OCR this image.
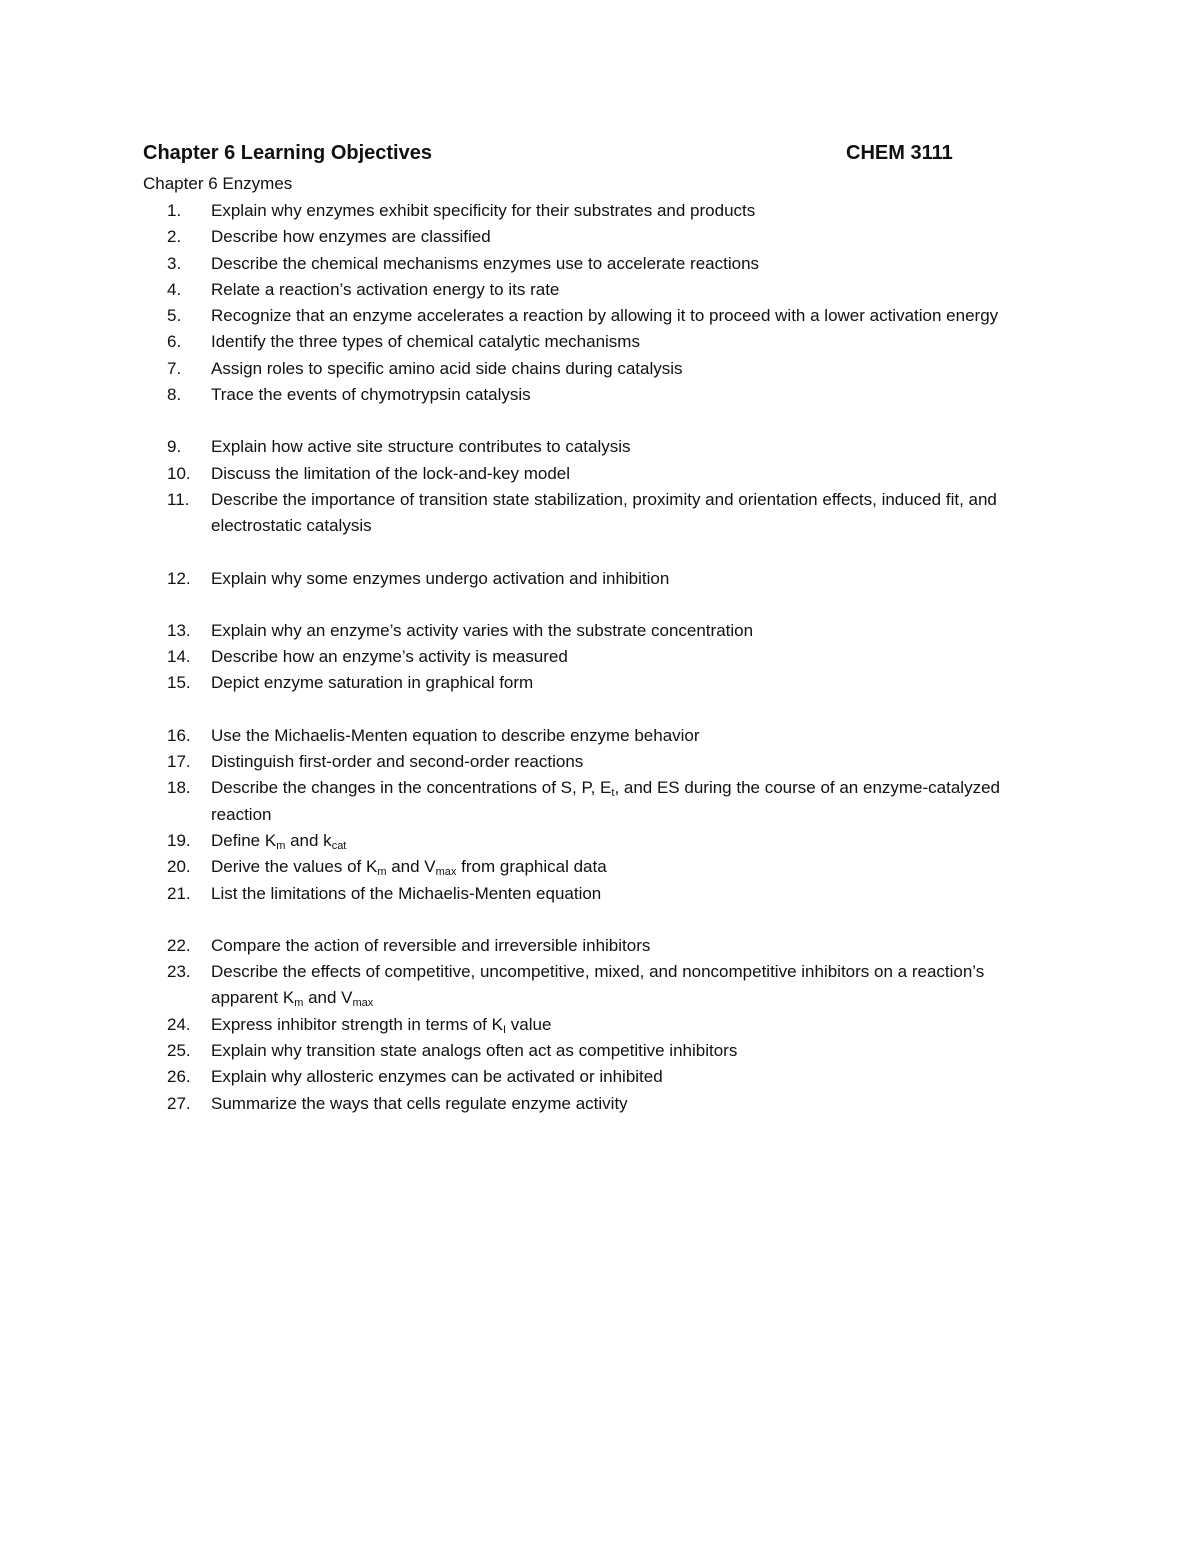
Chapter 6 Learning Objectives	CHEM 3111
Chapter 6 Enzymes
1.	Explain why enzymes exhibit specificity for their substrates and products
2.	Describe how enzymes are classified
3.	Describe the chemical mechanisms enzymes use to accelerate reactions
4.	Relate a reaction’s activation energy to its rate
5.	Recognize that an enzyme accelerates a reaction by allowing it to proceed with a lower activation energy
6.	Identify the three types of chemical catalytic mechanisms
7.	Assign roles to specific amino acid side chains during catalysis
8.	Trace the events of chymotrypsin catalysis
9.	Explain how active site structure contributes to catalysis
10.	Discuss the limitation of the lock-and-key model
11.	Describe the importance of transition state stabilization, proximity and orientation effects, induced fit, and electrostatic catalysis
12.	Explain why some enzymes undergo activation and inhibition
13.	Explain why an enzyme’s activity varies with the substrate concentration
14.	Describe how an enzyme’s activity is measured
15.	Depict enzyme saturation in graphical form
16.	Use the Michaelis-Menten equation to describe enzyme behavior
17.	Distinguish first-order and second-order reactions
18.	Describe the changes in the concentrations of S, P, $E_t$, and ES during the course of an enzyme-catalyzed reaction
19.	Define $K_m$ and $k_{cat}$
20.	Derive the values of $K_m$ and $V_{max}$ from graphical data
21.	List the limitations of the Michaelis-Menten equation
22.	Compare the action of reversible and irreversible inhibitors
23.	Describe the effects of competitive, uncompetitive, mixed, and noncompetitive inhibitors on a reaction’s apparent $K_m$ and $V_{max}$
24.	Express inhibitor strength in terms of $K_I$ value
25.	Explain why transition state analogs often act as competitive inhibitors
26.	Explain why allosteric enzymes can be activated or inhibited
27.	Summarize the ways that cells regulate enzyme activity
